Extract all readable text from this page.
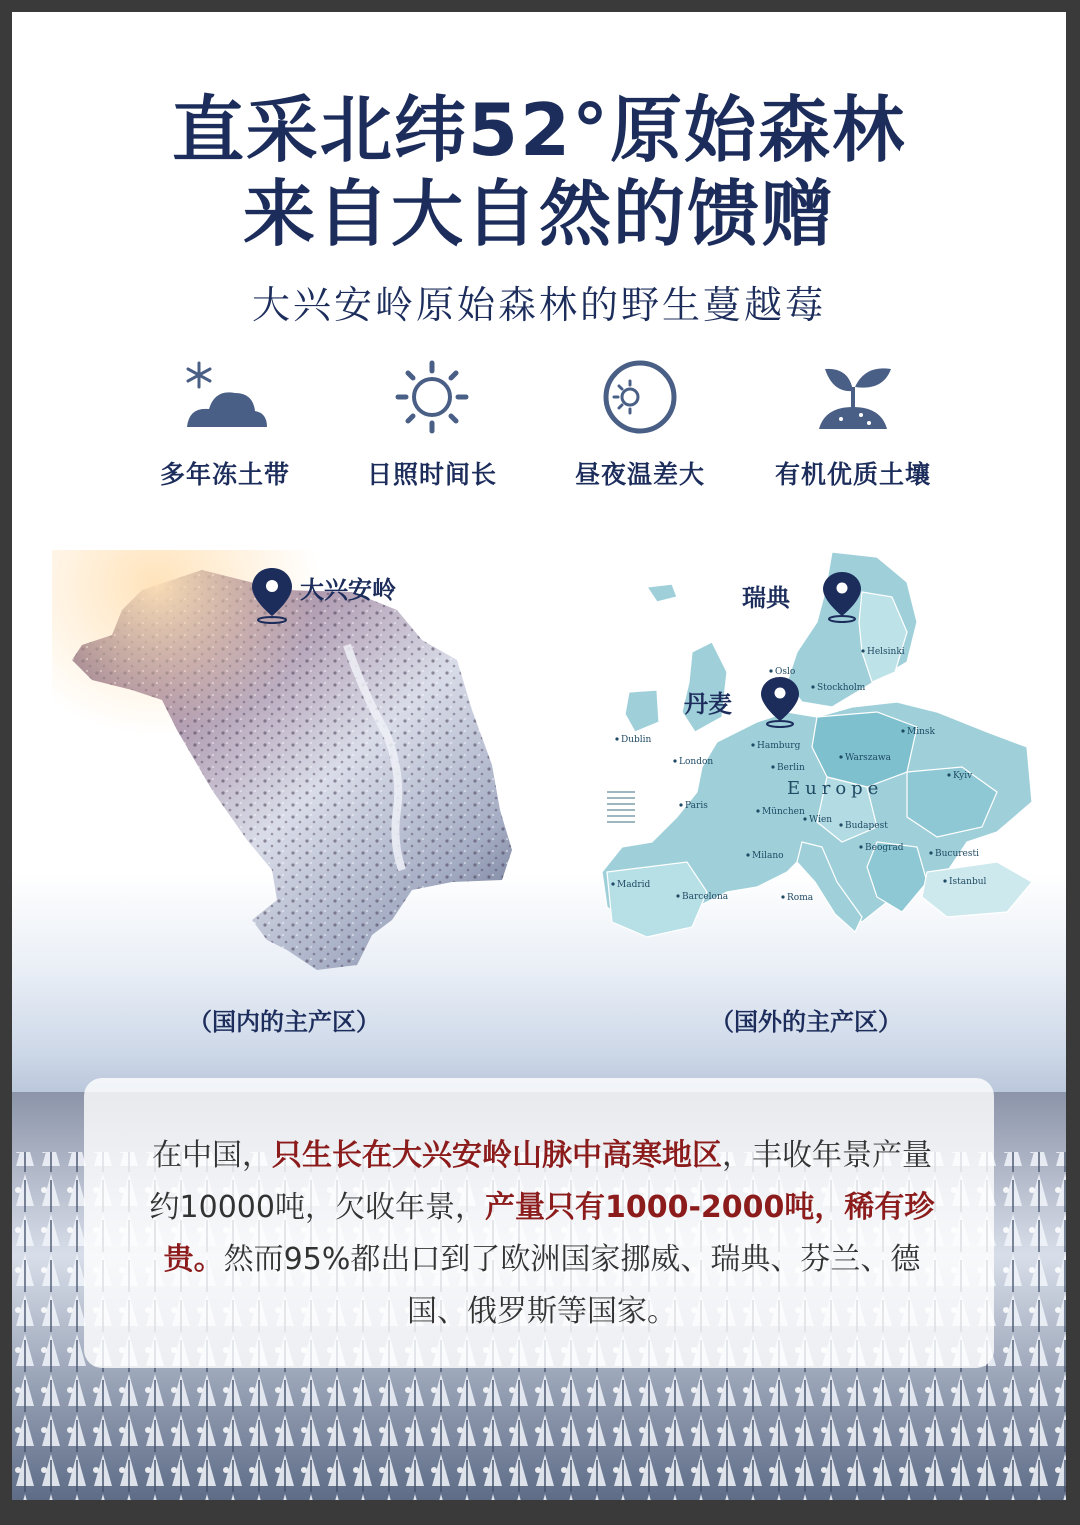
直采北纬52°原始森林
来自大自然的馈赠
大兴安岭原始森林的野生蔓越莓
多年冻土带	日照时间长	昼夜温差大	有机优质土壤
大兴安岭
Helsinki
Oslo
Stockholm
Dublin
London
Hamburg
Berlin
Warszawa
Minsk
Kyiv
Paris
München
Wien
Budapest
Beograd
Bucuresti
Milano
Madrid
Barcelona	Roma
Istanbul
Europe
瑞典
丹麦
（国内的主产区）	（国外的主产区）
在中国，只生长在大兴安岭山脉中高寒地区，丰收年景产量约10000吨，欠收年景，产量只有1000-2000吨，稀有珍贵。然而95%都出口到了欧洲国家挪威、瑞典、芬兰、德国、俄罗斯等国家。
